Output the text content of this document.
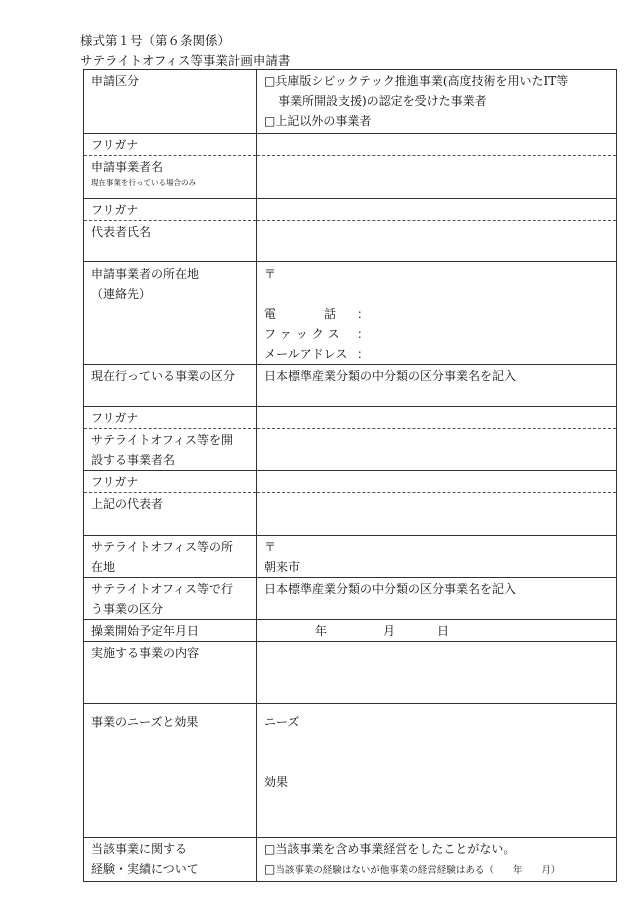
様式第１号（第６条関係）
サテライトオフィス等事業計画申請書
申請区分	□兵庫版シビックテック推進事業(高度技術を用いたIT等
事業所開設支援)の認定を受けた事業者
□上記以外の事業者

フリガナ	

申請事業者名
現在事業を行っている場合のみ	

フリガナ	
代表者氏名	

申請事業者の所在地
（連絡先）	〒
電　　　　話 ：
ファックス ：
メールアドレス ：

現在行っている事業の区分	日本標準産業分類の中分類の区分事業名を記入
フリガナ	

サテライトオフィス等を開
設する事業者名	

フリガナ	
上記の代表者	

サテライトオフィス等の所
在地	〒
朝来市

サテライトオフィス等で行
う事業の区分	日本標準産業分類の中分類の区分事業名を記入
操業開始予定年月日	年 月 日
実施する事業の内容	
事業のニーズと効果	ニーズ
効果

当該事業に関する
経験・実績について	□当該事業を含め事業経営をしたことがない。
□当該事業の経験はないが他事業の経営経験はある（　　年　　月）
